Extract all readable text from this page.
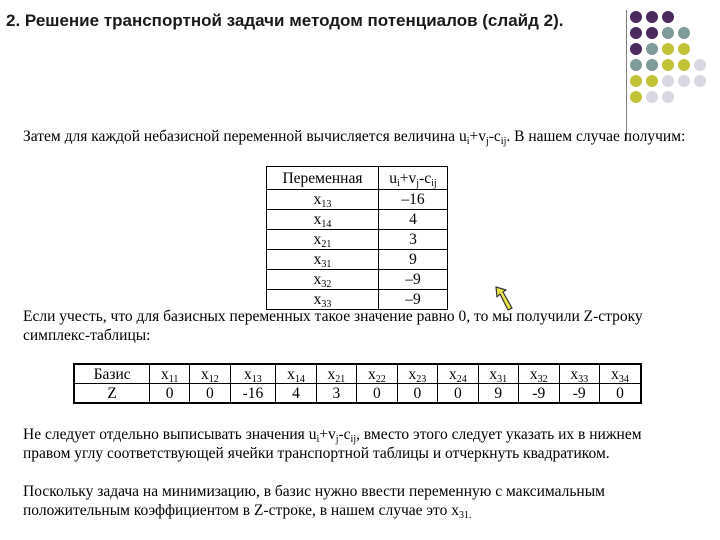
2. Решение транспортной задачи методом потенциалов (слайд 2).

Затем для каждой небазисной переменной вычисляется величина $u_i+v_j-c_{ij}$. В нашем случае получим:

Переменная	$u_i+v_j-c_{ij}$
$x_{13}$	–16
$x_{14}$	4
$x_{21}$	3
$x_{31}$	9
$x_{32}$	–9
$x_{33}$	–9

Если учесть, что для базисных переменных такое значение равно 0, то мы получили Z-строку симплекс-таблицы:

Базис	$x_{11}$	$x_{12}$	$x_{13}$	$x_{14}$	$x_{21}$	$x_{22}$	$x_{23}$	$x_{24}$	$x_{31}$	$x_{32}$	$x_{33}$	$x_{34}$
Z	0	0	-16	4	3	0	0	0	9	-9	-9	0

Не следует отдельно выписывать значения $u_i+v_j-c_{ij}$, вместо этого следует указать их в нижнем правом углу соответствующей ячейки транспортной таблицы и отчеркнуть квадратиком.

Поскольку задача на минимизацию, в базис нужно ввести переменную с максимальным положительным коэффициентом в Z-строке, в нашем случае это $x_{31.}$
